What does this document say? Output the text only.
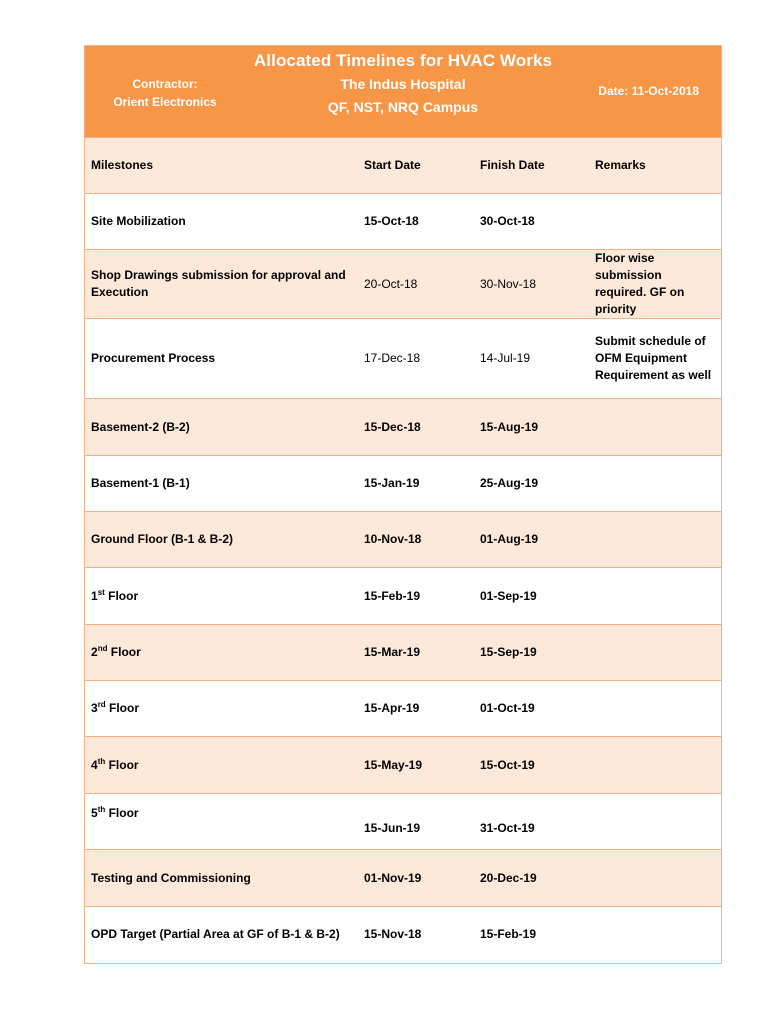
Allocated Timelines for HVAC Works
The Indus Hospital
QF, NST, NRQ Campus
Contractor:
Orient Electronics
Date: 11-Oct-2018
Milestones	Start Date	Finish Date	Remarks
Site Mobilization	15-Oct-18	30-Oct-18	
Shop Drawings submission for approval and Execution	20-Oct-18	30-Nov-18	Floor wise submission required. GF on priority
Procurement Process	17-Dec-18	14-Jul-19	Submit schedule of OFM Equipment Requirement as well
Basement-2 (B-2)	15-Dec-18	15-Aug-19	
Basement-1 (B-1)	15-Jan-19	25-Aug-19	
Ground Floor (B-1 & B-2)	10-Nov-18	01-Aug-19	
1st Floor	15-Feb-19	01-Sep-19	
2nd Floor	15-Mar-19	15-Sep-19	
3rd Floor	15-Apr-19	01-Oct-19	
4th Floor	15-May-19	15-Oct-19	
5th Floor	15-Jun-19	31-Oct-19	
Testing and Commissioning	01-Nov-19	20-Dec-19	
OPD Target (Partial Area at GF of B-1 & B-2)	15-Nov-18	15-Feb-19	
